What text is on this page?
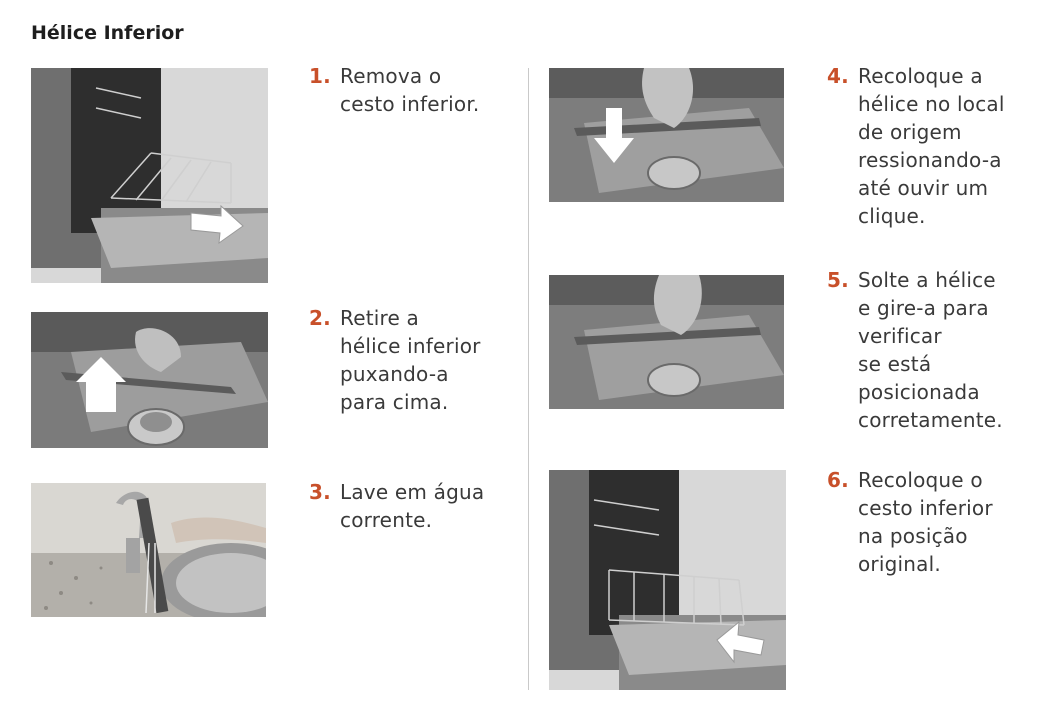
Hélice Inferior
1. Remova o
cesto inferior.
2. Retire a
hélice inferior
puxando-a
para cima.
3. Lave em água
corrente.
4. Recoloque a
hélice no local
de origem
ressionando-a
até ouvir um
clique.
5. Solte a hélice
e gire-a para
verificar
se está
posicionada
corretamente.
6. Recoloque o
cesto inferior
na posição
original.
